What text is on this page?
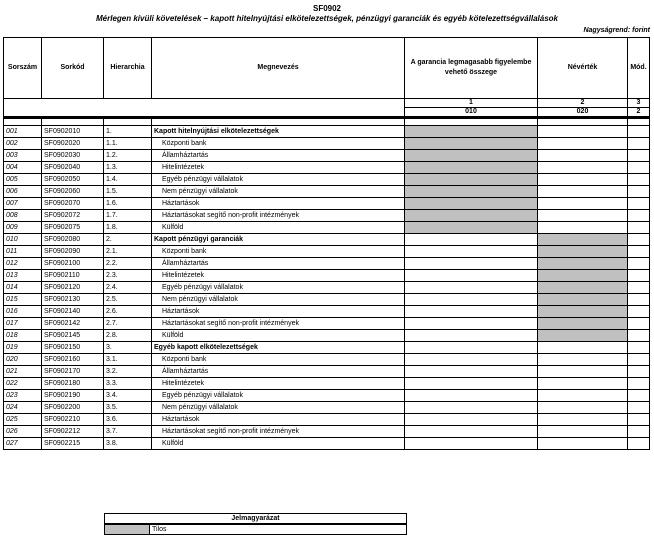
SF0902
Mérlegen kívüli követelések – kapott hitelnyújtási elkötelezettségek, pénzügyi garanciák és egyéb kötelezettségvállalások
Nagyságrend: forint
Sorszám	Sorkód	Hierarchia	Megnevezés	A garancia legmagasabb figyelembe vehető összege	Névérték	Mód.
				1	2	3
				010	020	2

001	SF0902010	1.	Kapott hitelnyújtási elkötelezettségek			
002	SF0902020	1.1.	Központi bank			
003	SF0902030	1.2.	Államháztartás			
004	SF0902040	1.3.	Hitelintézetek			
005	SF0902050	1.4.	Egyéb pénzügyi vállalatok			
006	SF0902060	1.5.	Nem pénzügyi vállalatok			
007	SF0902070	1.6.	Háztartások			
008	SF0902072	1.7.	Háztartásokat segítő non-profit intézmények			
009	SF0902075	1.8.	Külföld			
010	SF0902080	2.	Kapott pénzügyi garanciák			
011	SF0902090	2.1.	Központi bank			
012	SF0902100	2.2.	Államháztartás			
013	SF0902110	2.3.	Hitelintézetek			
014	SF0902120	2.4.	Egyéb pénzügyi vállalatok			
015	SF0902130	2.5.	Nem pénzügyi vállalatok			
016	SF0902140	2.6.	Háztartások			
017	SF0902142	2.7.	Háztartásokat segítő non-profit intézmények			
018	SF0902145	2.8.	Külföld			
019	SF0902150	3.	Egyéb kapott elkötelezettségek			
020	SF0902160	3.1.	Központi bank			
021	SF0902170	3.2.	Államháztartás			
022	SF0902180	3.3.	Hitelintézetek			
023	SF0902190	3.4.	Egyéb pénzügyi vállalatok			
024	SF0902200	3.5.	Nem pénzügyi vállalatok			
025	SF0902210	3.6.	Háztartások			
026	SF0902212	3.7.	Háztartásokat segítő non-profit intézmények			
027	SF0902215	3.8.	Külföld			
Jelmagyarázat
	Tilos
